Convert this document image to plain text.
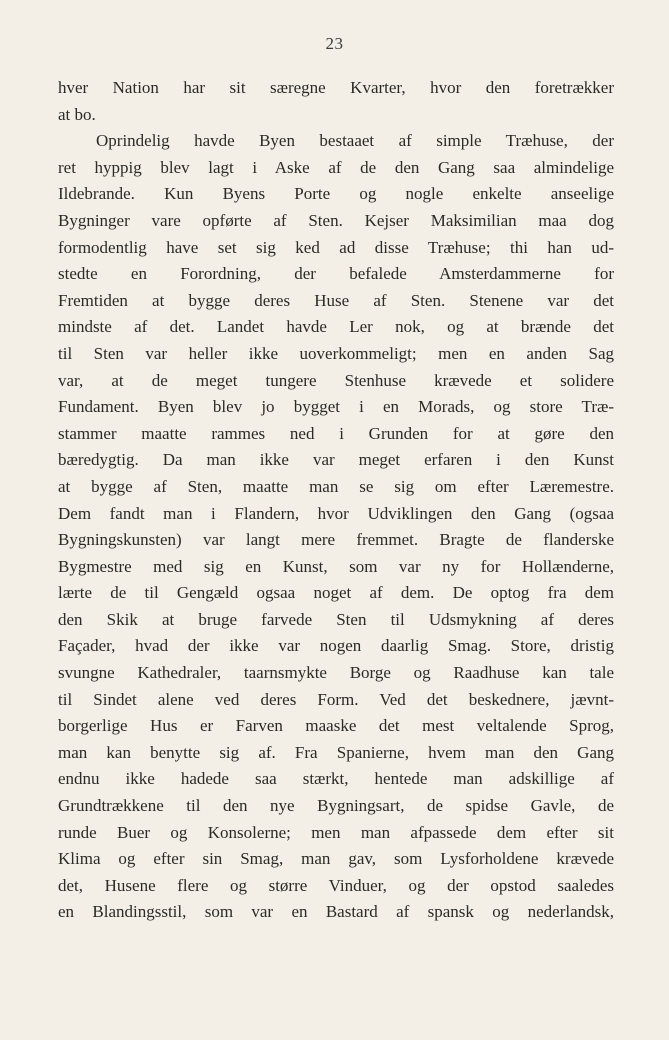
23
hver Nation har sit særegne Kvarter, hvor den foretrækker
at bo.
Oprindelig havde Byen bestaaet af simple Træhuse, der
ret hyppig blev lagt i Aske af de den Gang saa almindelige
Ildebrande. Kun Byens Porte og nogle enkelte anseelige
Bygninger vare opførte af Sten. Kejser Maksimilian maa dog
formodentlig have set sig ked ad disse Træhuse; thi han ud-
stedte en Forordning, der befalede Amsterdammerne for
Fremtiden at bygge deres Huse af Sten. Stenene var det
mindste af det. Landet havde Ler nok, og at brænde det
til Sten var heller ikke uoverkommeligt; men en anden Sag
var, at de meget tungere Stenhuse krævede et solidere
Fundament. Byen blev jo bygget i en Morads, og store Træ-
stammer maatte rammes ned i Grunden for at gøre den
bæredygtig. Da man ikke var meget erfaren i den Kunst
at bygge af Sten, maatte man se sig om efter Læremestre.
Dem fandt man i Flandern, hvor Udviklingen den Gang (ogsaa
Bygningskunsten) var langt mere fremmet. Bragte de flanderske
Bygmestre med sig en Kunst, som var ny for Hollænderne,
lærte de til Gengæld ogsaa noget af dem. De optog fra dem
den Skik at bruge farvede Sten til Udsmykning af deres
Façader, hvad der ikke var nogen daarlig Smag. Store, dristig
svungne Kathedraler, taarnsmykte Borge og Raadhuse kan tale
til Sindet alene ved deres Form. Ved det beskednere, jævnt-
borgerlige Hus er Farven maaske det mest veltalende Sprog,
man kan benytte sig af. Fra Spanierne, hvem man den Gang
endnu ikke hadede saa stærkt, hentede man adskillige af
Grundtrækkene til den nye Bygningsart, de spidse Gavle, de
runde Buer og Konsolerne; men man afpassede dem efter sit
Klima og efter sin Smag, man gav, som Lysforholdene krævede
det, Husene flere og større Vinduer, og der opstod saaledes
en Blandingsstil, som var en Bastard af spansk og nederlandsk,
